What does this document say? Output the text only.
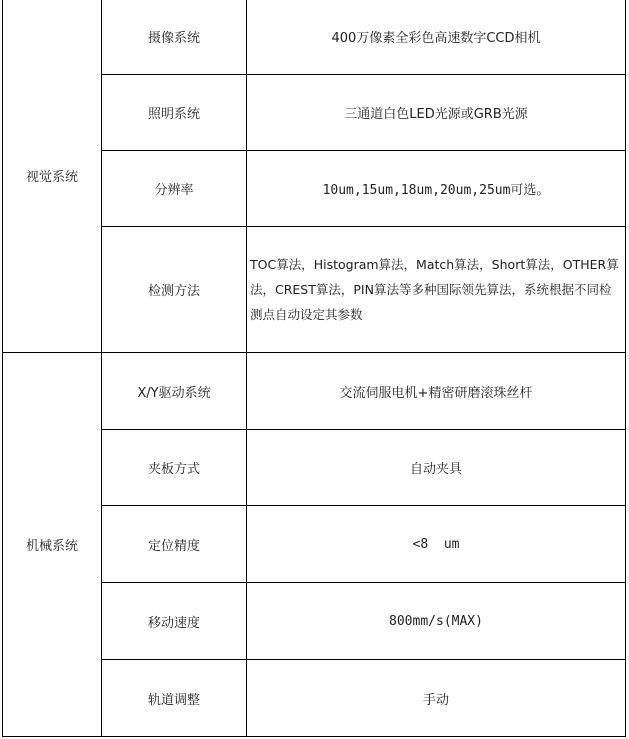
视觉系统	摄像系统	400万像素全彩色高速数字CCD相机
	照明系统	三通道白色LED光源或GRB光源
	分辨率	10um,15um,18um,20um,25um可选。
	检测方法	TOC算法，Histogram算法，Match算法，Short算法，OTHER算法，CREST算法，PIN算法等多种国际领先算法，系统根据不同检测点自动设定其参数
机械系统	X/Y驱动系统	交流伺服电机+精密研磨滚珠丝杆
	夹板方式	自动夹具
	定位精度	<8  um
	移动速度	800mm/s(MAX)
	轨道调整	手动
